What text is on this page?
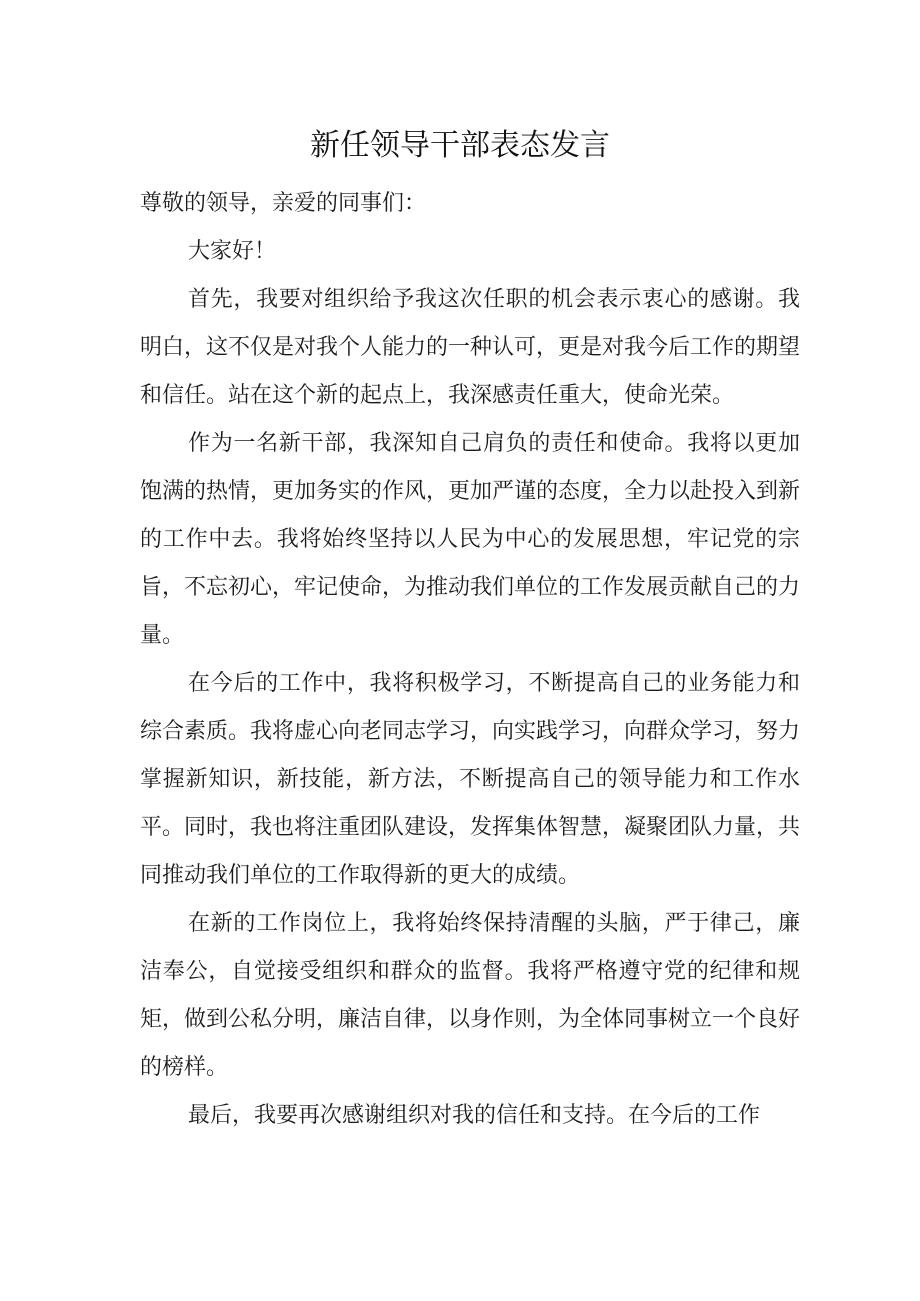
新任领导干部表态发言

尊敬的领导，亲爱的同事们：

大家好！

首先，我要对组织给予我这次任职的机会表示衷心的感谢。我明白，这不仅是对我个人能力的一种认可，更是对我今后工作的期望和信任。站在这个新的起点上，我深感责任重大，使命光荣。

作为一名新干部，我深知自己肩负的责任和使命。我将以更加饱满的热情，更加务实的作风，更加严谨的态度，全力以赴投入到新的工作中去。我将始终坚持以人民为中心的发展思想，牢记党的宗旨，不忘初心，牢记使命，为推动我们单位的工作发展贡献自己的力量。

在今后的工作中，我将积极学习，不断提高自己的业务能力和综合素质。我将虚心向老同志学习，向实践学习，向群众学习，努力掌握新知识，新技能，新方法，不断提高自己的领导能力和工作水平。同时，我也将注重团队建设，发挥集体智慧，凝聚团队力量，共同推动我们单位的工作取得新的更大的成绩。

在新的工作岗位上，我将始终保持清醒的头脑，严于律己，廉洁奉公，自觉接受组织和群众的监督。我将严格遵守党的纪律和规矩，做到公私分明，廉洁自律，以身作则，为全体同事树立一个良好的榜样。

最后，我要再次感谢组织对我的信任和支持。在今后的工作
